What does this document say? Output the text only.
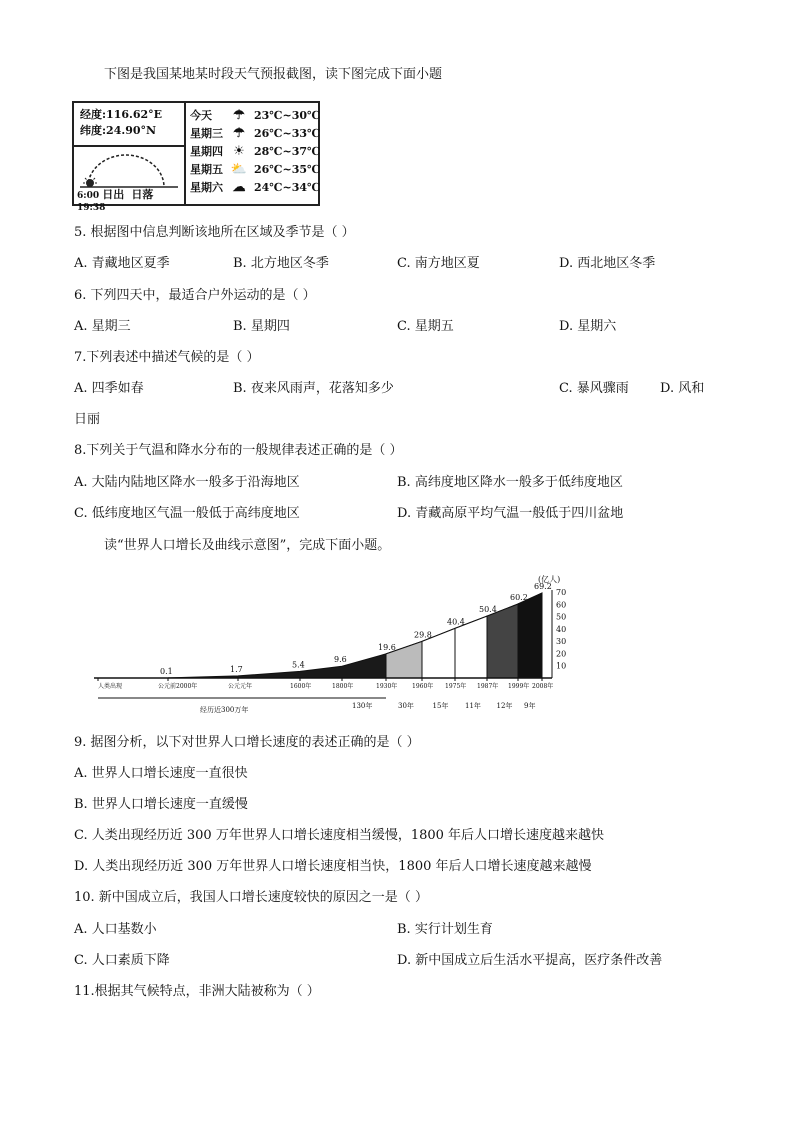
下图是我国某地某时段天气预报截图，读下图完成下面小题
经度:116.62°E
纬度:24.90°N
6:00 日出 日落 19:38
今天 ☂ 23℃~30℃
星期三 ☂ 26℃~33℃
星期四 ☀ 28℃~37℃
星期五 ⛅ 26℃~35℃
星期六 ☁ 24℃~34℃
5. 根据图中信息判断该地所在区域及季节是（ ）
A. 青藏地区夏季	B. 北方地区冬季	C. 南方地区夏	D. 西北地区冬季
6. 下列四天中，最适合户外运动的是（ ）
A. 星期三	B. 星期四	C. 星期五	D. 星期六
7.下列表述中描述气候的是（ ）
A. 四季如春	B. 夜来风雨声，花落知多少	C. 暴风骤雨 D. 风和
日丽
8.下列关于气温和降水分布的一般规律表述正确的是（ ）
A. 大陆内陆地区降水一般多于沿海地区	B. 高纬度地区降水一般多于低纬度地区
C. 低纬度地区气温一般低于高纬度地区	D. 青藏高原平均气温一般低于四川盆地
读“世界人口增长及曲线示意图”，完成下面小题。
10
20
30
40
50
60
70
(亿人)
0.1	1.7
5.4
9.6
19.6
29.8
40.4
50.4
60.2
69.2
人类出现	公元前2000年	公元元年	1600年	1800年	1930年 1960年 1975年 1987年 1999年 2008年
经历近300万年	130年	30年	15年 11年 12年 9年
9. 据图分析，以下对世界人口增长速度的表述正确的是（ ）
A. 世界人口增长速度一直很快
B. 世界人口增长速度一直缓慢
C. 人类出现经历近 300 万年世界人口增长速度相当缓慢，1800 年后人口增长速度越来越快
D. 人类出现经历近 300 万年世界人口增长速度相当快，1800 年后人口增长速度越来越慢
10. 新中国成立后，我国人口增长速度较快的原因之一是（ ）
A. 人口基数小	B. 实行计划生育
C. 人口素质下降	D. 新中国成立后生活水平提高，医疗条件改善
11.根据其气候特点，非洲大陆被称为（ ）
